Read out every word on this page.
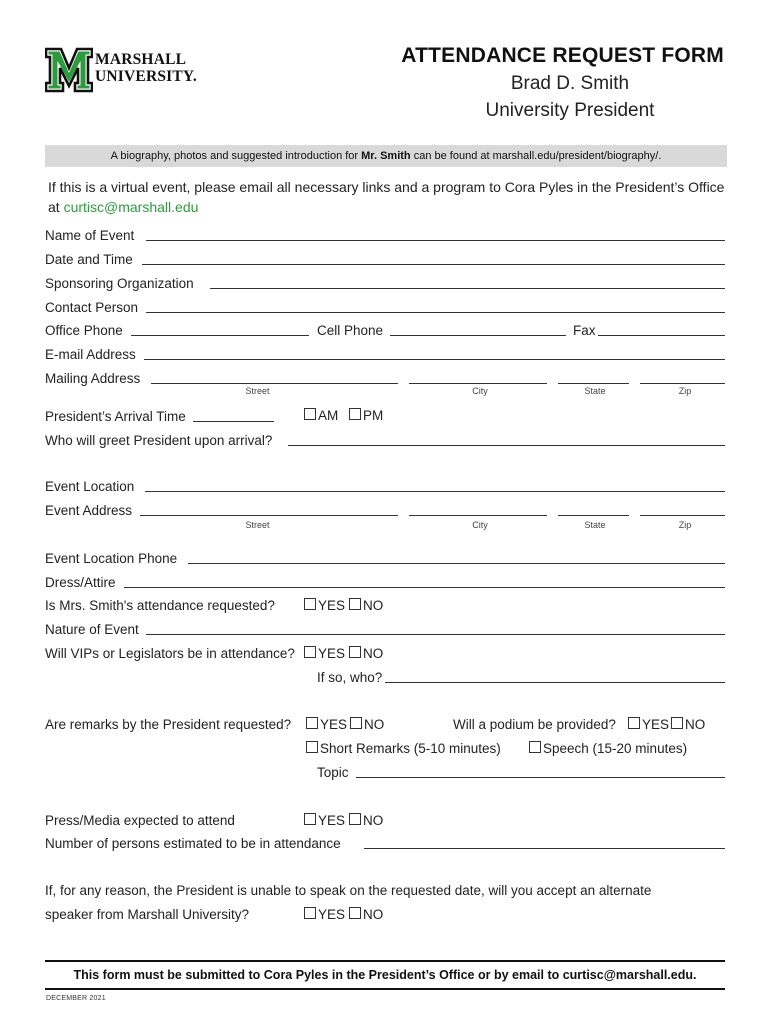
MARSHALL
UNIVERSITY.
ATTENDANCE REQUEST FORM
Brad D. Smith
University President
A biography, photos and suggested introduction for Mr. Smith can be found at marshall.edu/president/biography/.
If this is a virtual event, please email all necessary links and a program to Cora Pyles in the President’s Office at curtisc@marshall.edu
Name of Event
Date and Time
Sponsoring Organization
Contact Person
Office Phone	Cell Phone	Fax
E-mail Address
Mailing Address
Street	City	State	Zip
President’s Arrival Time	AM	PM
Who will greet President upon arrival?
Event Location
Event Address
Street	City	State	Zip
Event Location Phone
Dress/Attire
Is Mrs. Smith's attendance requested?	YES	NO
Nature of Event
Will VIPs or Legislators be in attendance?	YES	NO
If so, who?
Are remarks by the President requested?	YES	NO	Will a podium be provided?	YES	NO
Short Remarks (5-10 minutes)	Speech (15-20 minutes)
Topic
Press/Media expected to attend	YES	NO
Number of persons estimated to be in attendance
If, for any reason, the President is unable to speak on the requested date, will you accept an alternate
speaker from Marshall University?	YES	NO
This form must be submitted to Cora Pyles in the President’s Office or by email to curtisc@marshall.edu.
DECEMBER 2021
